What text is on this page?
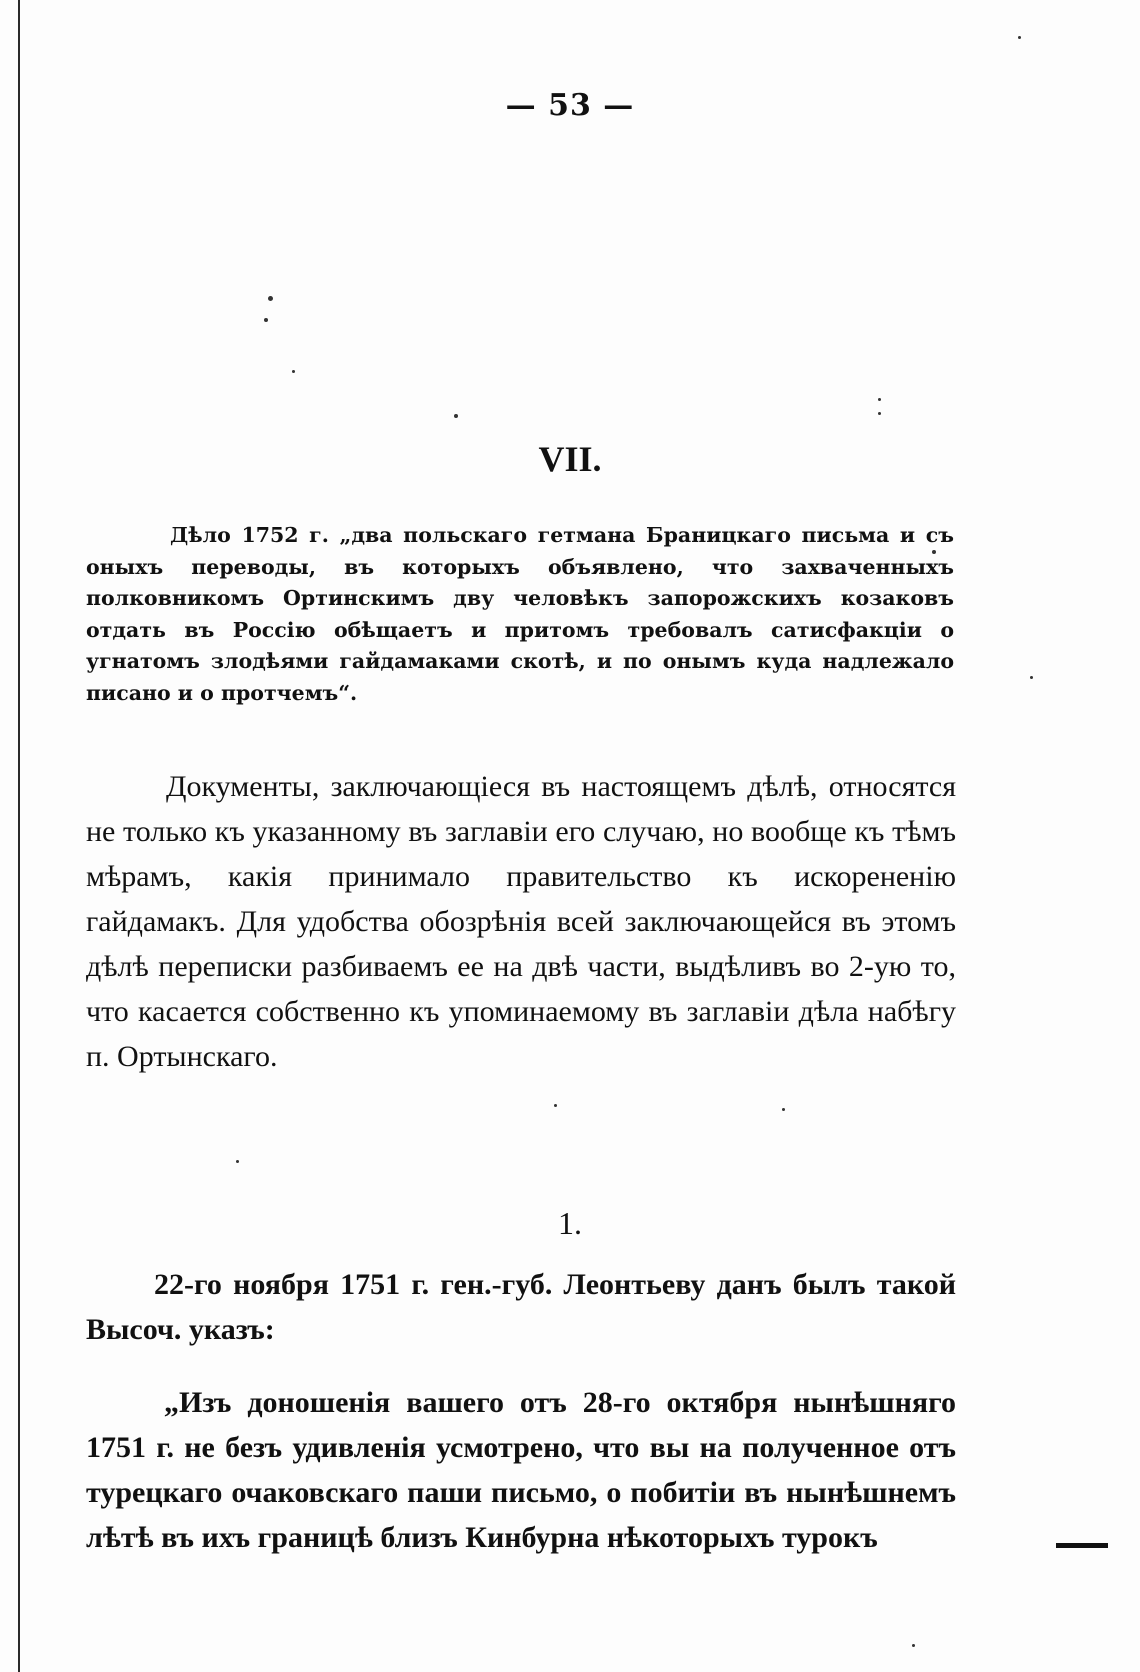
— 53 —
VII.

Дѣло 1752 г. „два польскаго гетмана Браницкаго письма и съ оныхъ переводы, въ которыхъ объявлено, что захваченныхъ полковникомъ Ортинскимъ дву человѣкъ запорожскихъ козаковъ отдать въ Россію обѣщаетъ и притомъ требовалъ сатисфакціи о угнатомъ злодѣями гайдамаками скотѣ, и по онымъ куда надлежало писано и о протчемъ“.

Документы, заключающіеся въ настоящемъ дѣлѣ, относятся не только къ указанному въ заглавіи его случаю, но вообще къ тѣмъ мѣрамъ, какія принимало правительство къ искорененію гайдамакъ. Для удобства обозрѣнія всей заключающейся въ этомъ дѣлѣ переписки разбиваемъ ее на двѣ части, выдѣливъ во 2-ую то, что касается собственно къ упоминаемому въ заглавіи дѣла набѣгу п. Ортынскаго.

1.

22-го ноября 1751 г. ген.-губ. Леонтьеву данъ былъ такой Высоч. указъ:

„Изъ доношенія вашего отъ 28-го октября нынѣшняго 1751 г. не безъ удивленія усмотрено, что вы на полученное отъ турецкаго очаковскаго паши письмо, о побитіи въ нынѣшнемъ лѣтѣ въ ихъ границѣ близъ Кинбурна нѣкоторыхъ турокъ
